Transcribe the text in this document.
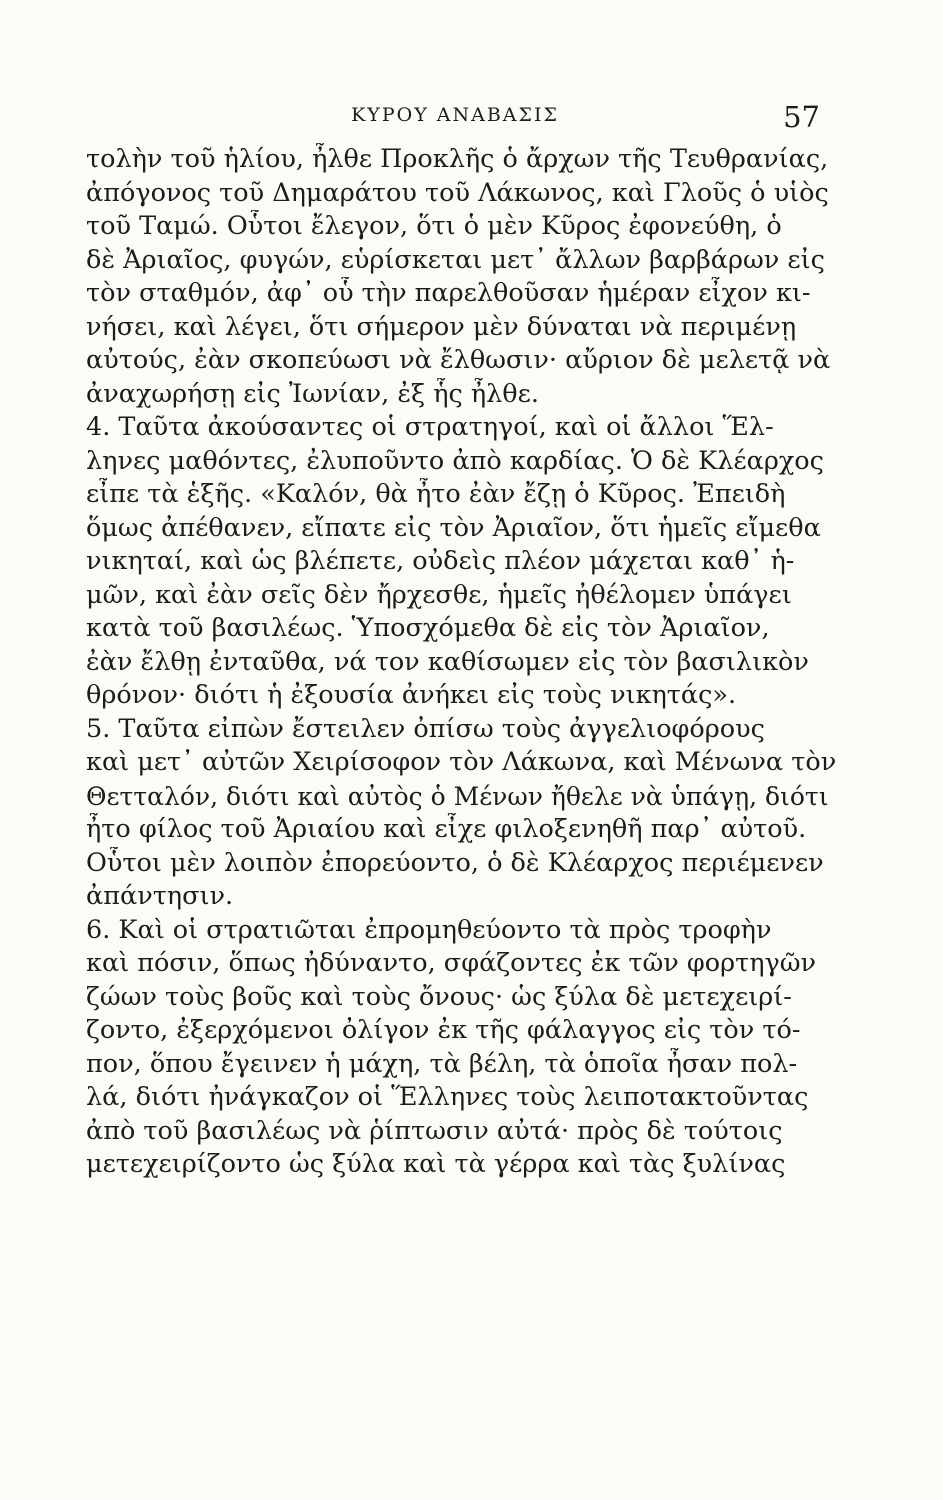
ΚΥΡΟΥ ΑΝΑΒΑΣΙΣ	57
τολὴν τοῦ ἡλίου, ἦλθε Προκλῆς ὁ ἄρχων τῆς Τευθρανίας,
ἀπόγονος τοῦ Δημαράτου τοῦ Λάκωνος, καὶ Γλοῦς ὁ υἱὸς
τοῦ Ταμώ. Οὗτοι ἔλεγον, ὅτι ὁ μὲν Κῦρος ἐφονεύθη, ὁ
δὲ Ἀριαῖος, φυγών, εὑρίσκεται μετ᾽ ἄλλων βαρβάρων εἰς
τὸν σταθμόν, ἀφ᾽ οὗ τὴν παρελθοῦσαν ἡμέραν εἶχον κι-
νήσει, καὶ λέγει, ὅτι σήμερον μὲν δύναται νὰ περιμένῃ
αὐτούς, ἐὰν σκοπεύωσι νὰ ἔλθωσιν· αὔριον δὲ μελετᾷ νὰ
ἀναχωρήσῃ εἰς Ἰωνίαν, ἐξ ἧς ἦλθε.
4. Ταῦτα ἀκούσαντες οἱ στρατηγοί, καὶ οἱ ἄλλοι Ἕλ-
ληνες μαθόντες, ἐλυποῦντο ἀπὸ καρδίας. Ὁ δὲ Κλέαρχος
εἶπε τὰ ἑξῆς. «Καλόν, θὰ ἦτο ἐὰν ἔζῃ ὁ Κῦρος. Ἐπειδὴ
ὅμως ἀπέθανεν, εἴπατε εἰς τὸν Ἀριαῖον, ὅτι ἡμεῖς εἴμεθα
νικηταί, καὶ ὡς βλέπετε, οὐδεὶς πλέον μάχεται καθ᾽ ἡ-
μῶν, καὶ ἐὰν σεῖς δὲν ἤρχεσθε, ἡμεῖς ἠθέλομεν ὑπάγει
κατὰ τοῦ βασιλέως. Ὑποσχόμεθα δὲ εἰς τὸν Ἀριαῖον,
ἐὰν ἔλθῃ ἐνταῦθα, νά τον καθίσωμεν εἰς τὸν βασιλικὸν
θρόνον· διότι ἡ ἐξουσία ἀνήκει εἰς τοὺς νικητάς».
5. Ταῦτα εἰπὼν ἔστειλεν ὀπίσω τοὺς ἀγγελιοφόρους
καὶ μετ᾽ αὐτῶν Χειρίσοφον τὸν Λάκωνα, καὶ Μένωνα τὸν
Θετταλόν, διότι καὶ αὐτὸς ὁ Μένων ἤθελε νὰ ὑπάγῃ, διότι
ἦτο φίλος τοῦ Ἀριαίου καὶ εἶχε φιλοξενηθῆ παρ᾽ αὐτοῦ.
Οὗτοι μὲν λοιπὸν ἐπορεύοντο, ὁ δὲ Κλέαρχος περιέμενεν
ἀπάντησιν.
6. Καὶ οἱ στρατιῶται ἐπρομηθεύοντο τὰ πρὸς τροφὴν
καὶ πόσιν, ὅπως ἠδύναντο, σφάζοντες ἐκ τῶν φορτηγῶν
ζώων τοὺς βοῦς καὶ τοὺς ὄνους· ὡς ξύλα δὲ μετεχειρί-
ζοντο, ἐξερχόμενοι ὀλίγον ἐκ τῆς φάλαγγος εἰς τὸν τό-
πον, ὅπου ἔγεινεν ἡ μάχη, τὰ βέλη, τὰ ὁποῖα ἦσαν πολ-
λά, διότι ἠνάγκαζον οἱ Ἕλληνες τοὺς λειποτακτοῦντας
ἀπὸ τοῦ βασιλέως νὰ ῥίπτωσιν αὐτά· πρὸς δὲ τούτοις
μετεχειρίζοντο ὡς ξύλα καὶ τὰ γέρρα καὶ τὰς ξυλίνας
